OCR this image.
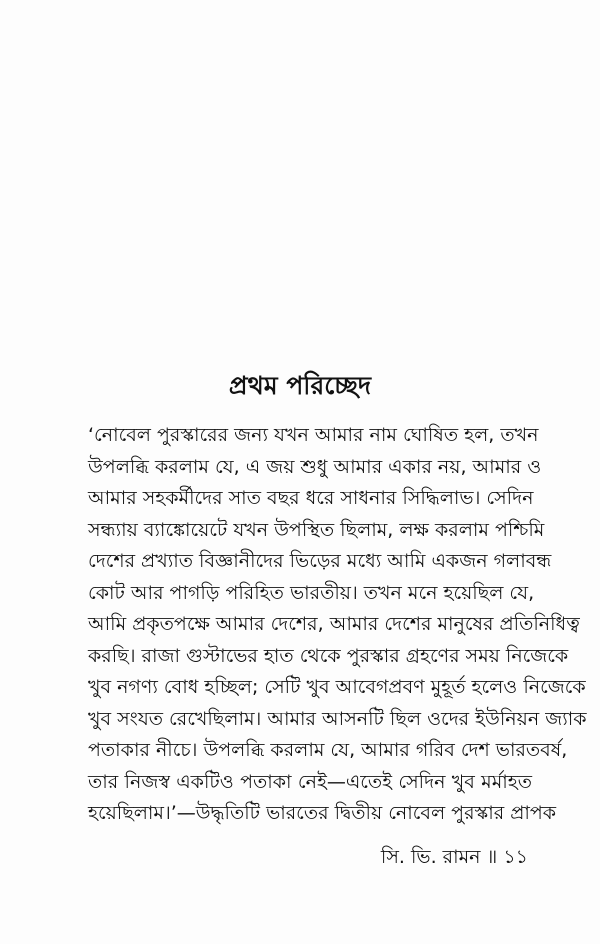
প্রথম পরিচ্ছেদ
‘নোবেল পুরস্কারের জন্য যখন আমার নাম ঘোষিত হল, তখন
উপলব্ধি করলাম যে, এ জয় শুধু আমার একার নয়, আমার ও
আমার সহকর্মীদের সাত বছর ধরে সাধনার সিদ্ধিলাভ। সেদিন
সন্ধ্যায় ব্যাঙ্কোয়েটে যখন উপস্থিত ছিলাম, লক্ষ করলাম পশ্চিমি
দেশের প্রখ্যাত বিজ্ঞানীদের ভিড়ের মধ্যে আমি একজন গলাবন্ধ
কোট আর পাগড়ি পরিহিত ভারতীয়। তখন মনে হয়েছিল যে,
আমি প্রকৃতপক্ষে আমার দেশের, আমার দেশের মানুষের প্রতিনিধিত্ব
করছি। রাজা গুস্টাভের হাত থেকে পুরস্কার গ্রহণের সময় নিজেকে
খুব নগণ্য বোধ হচ্ছিল; সেটি খুব আবেগপ্রবণ মুহূর্ত হলেও নিজেকে
খুব সংযত রেখেছিলাম। আমার আসনটি ছিল ওদের ইউনিয়ন জ্যাক
পতাকার নীচে। উপলব্ধি করলাম যে, আমার গরিব দেশ ভারতবর্ষ,
তার নিজস্ব একটিও পতাকা নেই—এতেই সেদিন খুব মর্মাহত
হয়েছিলাম।’—উদ্ধৃতিটি ভারতের দ্বিতীয় নোবেল পুরস্কার প্রাপক
সি. ভি. রামন ॥ ১১
